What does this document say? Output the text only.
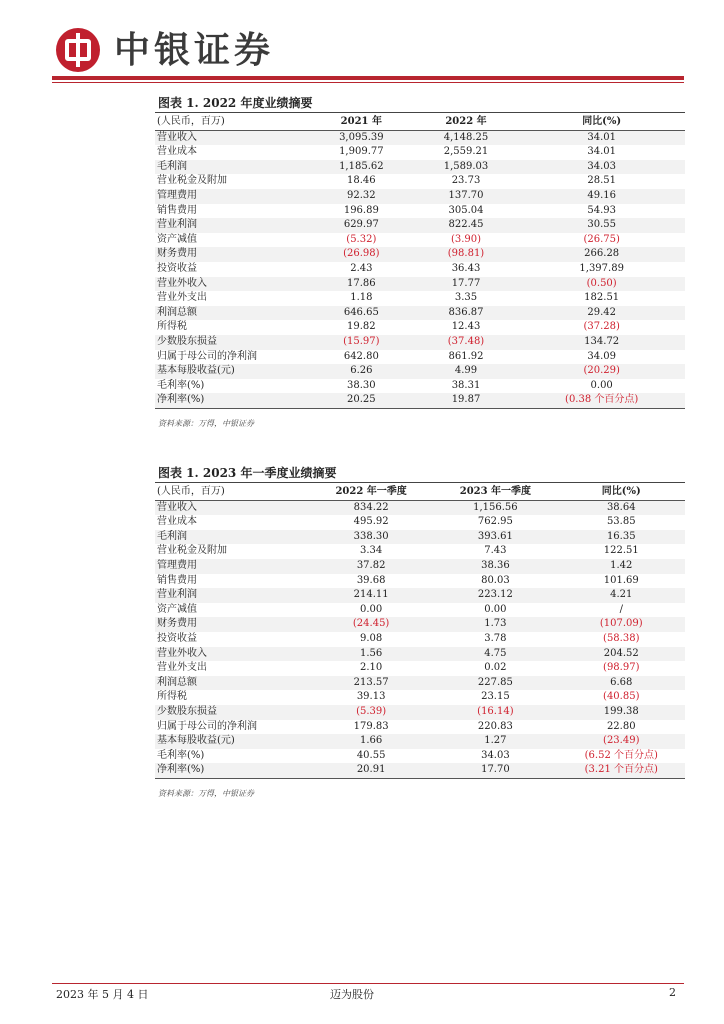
中银证券
图表 1. 2022 年度业绩摘要
(人民币，百万)	2021 年	2022 年	同比(%)
营业收入	3,095.39	4,148.25	34.01
营业成本	1,909.77	2,559.21	34.01
毛利润	1,185.62	1,589.03	34.03
营业税金及附加	18.46	23.73	28.51
管理费用	92.32	137.70	49.16
销售费用	196.89	305.04	54.93
营业利润	629.97	822.45	30.55
资产减值	(5.32)	(3.90)	(26.75)
财务费用	(26.98)	(98.81)	266.28
投资收益	2.43	36.43	1,397.89
营业外收入	17.86	17.77	(0.50)
营业外支出	1.18	3.35	182.51
利润总额	646.65	836.87	29.42
所得税	19.82	12.43	(37.28)
少数股东损益	(15.97)	(37.48)	134.72
归属于母公司的净利润	642.80	861.92	34.09
基本每股收益(元)	6.26	4.99	(20.29)
毛利率(%)	38.30	38.31	0.00
净利率(%)	20.25	19.87	(0.38 个百分点)
资料来源：万得，中银证券
图表 1. 2023 年一季度业绩摘要
(人民币，百万)	2022 年一季度	2023 年一季度	同比(%)
营业收入	834.22	1,156.56	38.64
营业成本	495.92	762.95	53.85
毛利润	338.30	393.61	16.35
营业税金及附加	3.34	7.43	122.51
管理费用	37.82	38.36	1.42
销售费用	39.68	80.03	101.69
营业利润	214.11	223.12	4.21
资产减值	0.00	0.00	/
财务费用	(24.45)	1.73	(107.09)
投资收益	9.08	3.78	(58.38)
营业外收入	1.56	4.75	204.52
营业外支出	2.10	0.02	(98.97)
利润总额	213.57	227.85	6.68
所得税	39.13	23.15	(40.85)
少数股东损益	(5.39)	(16.14)	199.38
归属于母公司的净利润	179.83	220.83	22.80
基本每股收益(元)	1.66	1.27	(23.49)
毛利率(%)	40.55	34.03	(6.52 个百分点)
净利率(%)	20.91	17.70	(3.21 个百分点)
资料来源：万得，中银证券
2023 年 5 月 4 日	迈为股份	2
